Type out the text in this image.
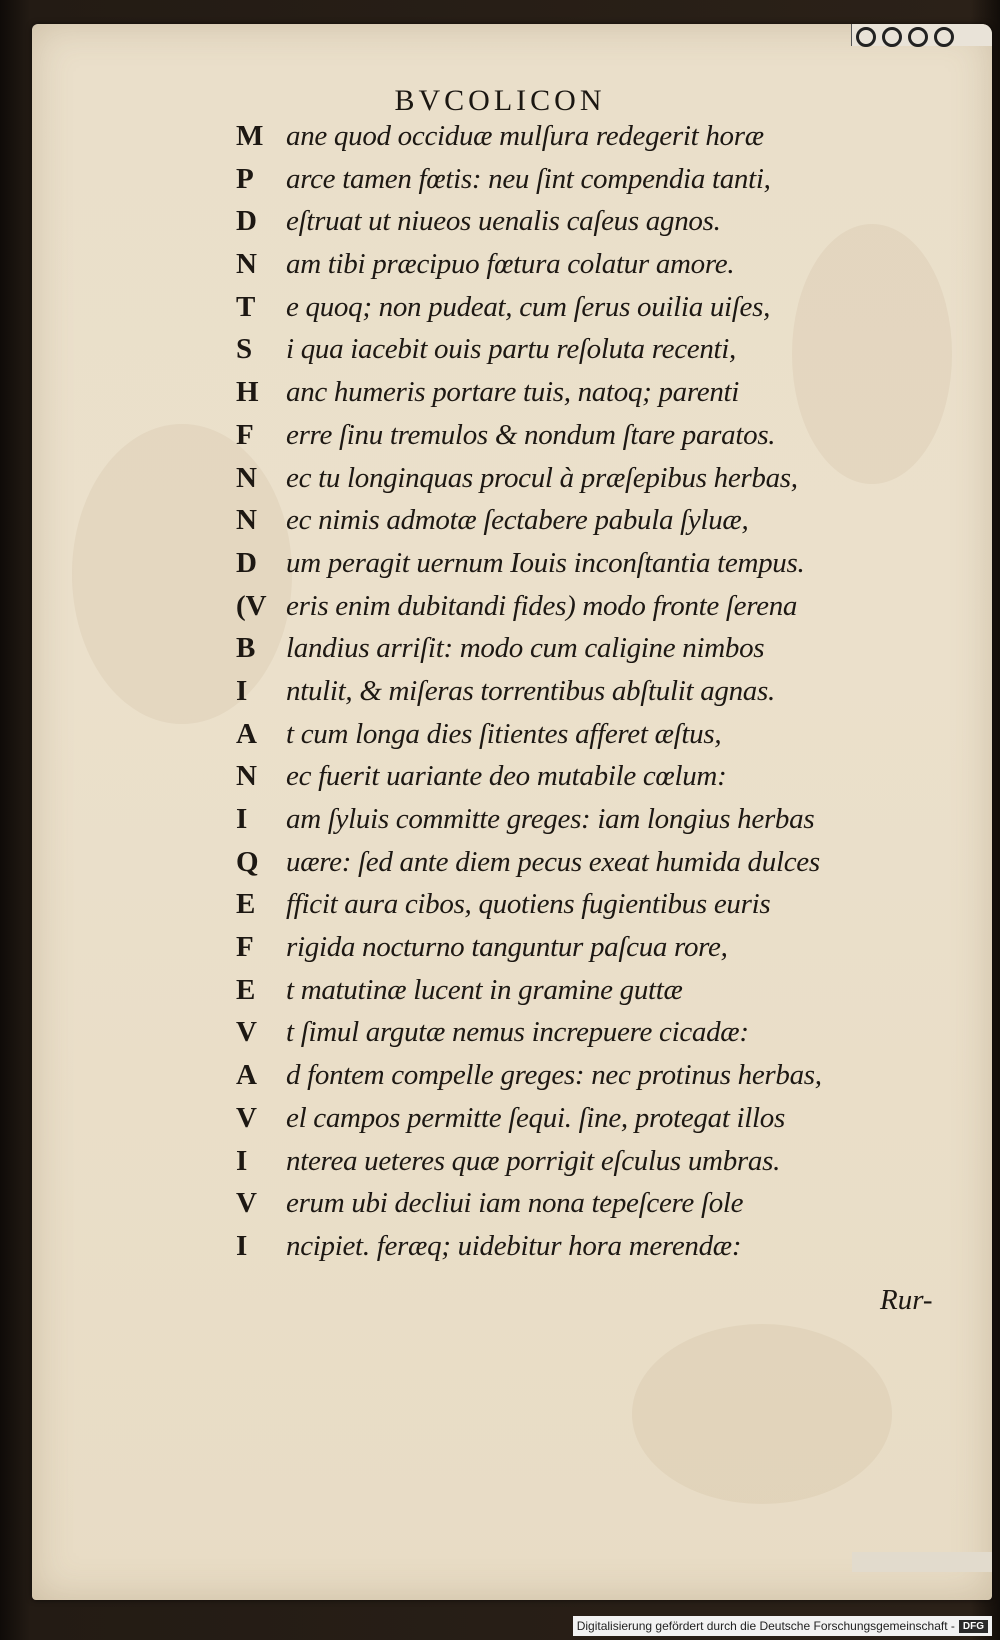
BVCOLICON
M ane quod occiduæ mulſura redegerit horæ
P	arce tamen fœtis: neu ſint compendia tanti,
D	eſtruat ut niueos uenalis caſeus agnos.
N	am tibi præcipuo fœtura colatur amore.
T	e quoq; non pudeat, cum ſerus ouilia uiſes,
S	i qua iacebit ouis partu reſoluta recenti,
H anc humeris portare tuis, natoq; parenti
F	erre ſinu tremulos & nondum ſtare paratos.
N	ec tu longinquas procul à præſepibus herbas,
N	ec nimis admotæ ſectabere pabula ſyluæ,
D	um peragit uernum Iouis inconſtantia tempus.
(V eris enim dubitandi fides) modo fronte ſerena
B	landius arriſit: modo cum caligine nimbos
I	ntulit, & miſeras torrentibus abſtulit agnas.
A	t cum longa dies ſitientes afferet æſtus,
N	ec fuerit uariante deo mutabile cœlum:
I	am ſyluis committe greges: iam longius herbas
Q uære: ſed ante diem pecus exeat humida dulces
E	fficit aura cibos, quotiens fugientibus euris
F	rigida nocturno tanguntur paſcua rore,
E	t matutinæ lucent in gramine guttæ
V	t ſimul argutæ nemus increpuere cicadæ:
A	d fontem compelle greges: nec protinus herbas,
V	el campos permitte ſequi. ſine, protegat illos
I	nterea ueteres quæ porrigit eſculus umbras.
V	erum ubi decliui iam nona tepeſcere ſole
I	ncipiet. feræq; uidebitur hora merendæ:
Rur-
Digitalisierung gefördert durch die Deutsche Forschungsgemeinschaft - DFG
